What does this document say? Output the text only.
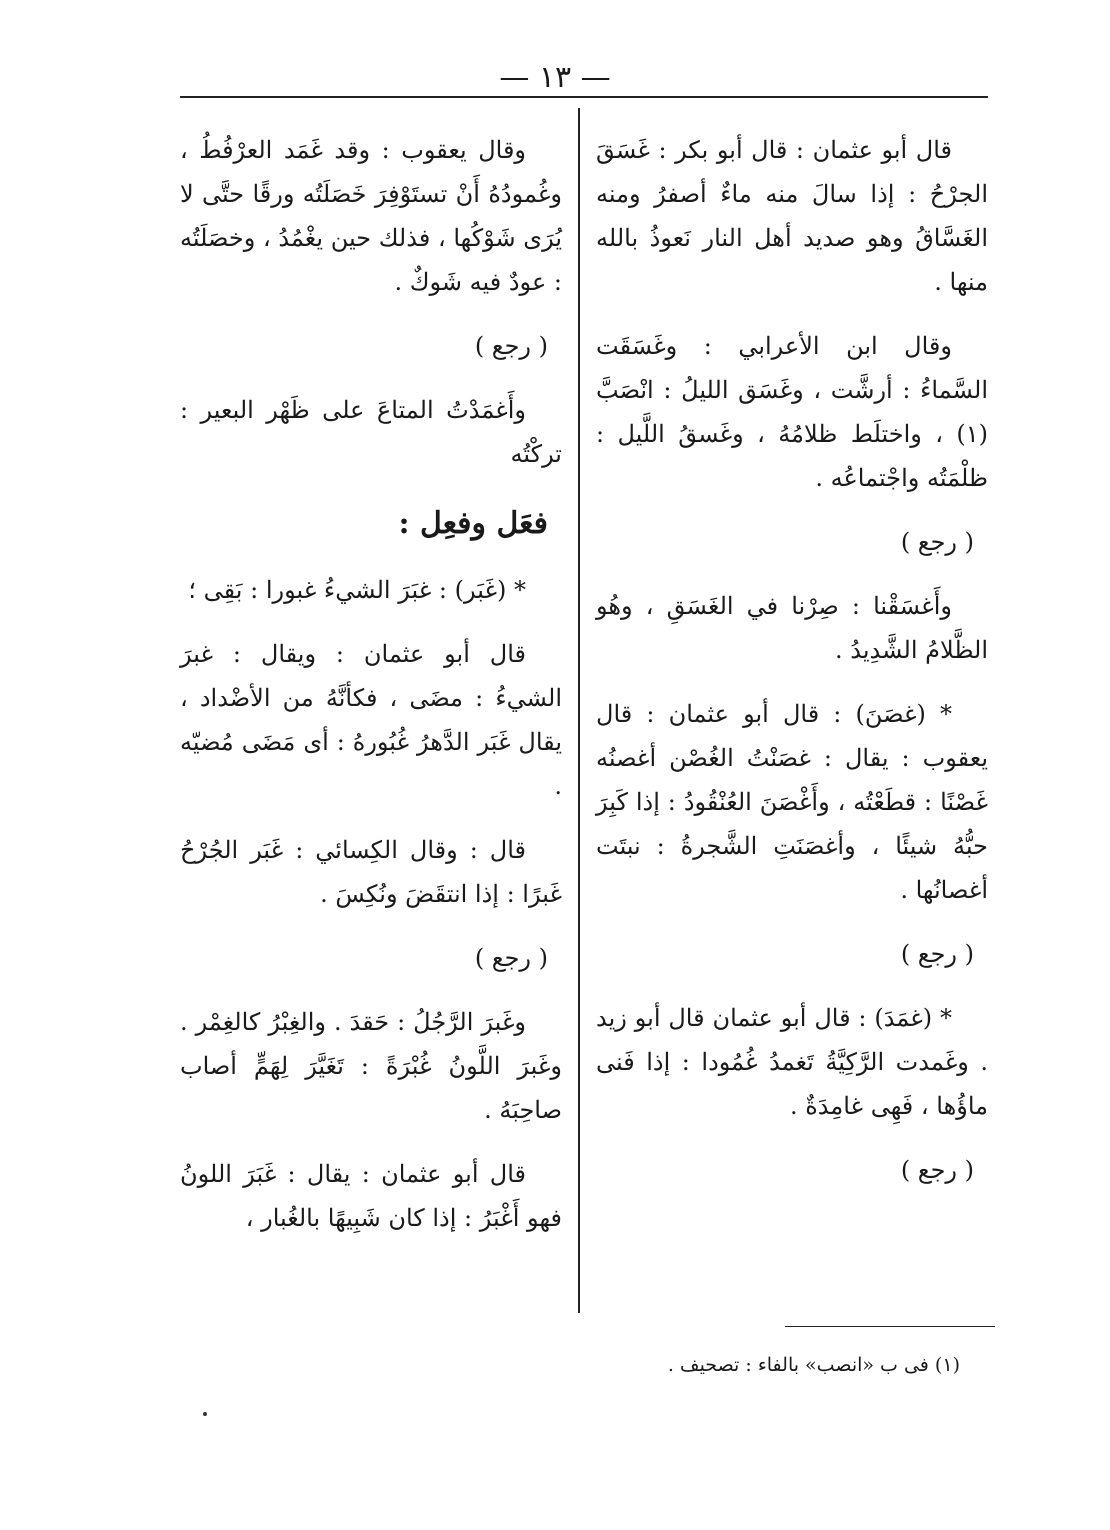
— ١٣ —
قال أبو عثمان : قال أبو بكر : غَسَقَ الجرْحُ : إذا سالَ منه ماءٌ أصفرُ ومنه الغَسَّاقُ وهو صديد أهل النار نَعوذُ بالله منها .
وقال ابن الأعرابي : وغَسَقَت السَّماءُ : أرشَّت ، وغَسَق الليلُ : انْصَبَّ (١) ، واختلَط ظلامُهُ ، وغَسقُ اللَّيل : ظلْمَتُه واجْتماعُه .
( رجع )
وأَغسَقْنا : صِرْنا في الغَسَقِ ، وهُو الظَّلامُ الشَّدِيدُ .
* (غصَنَ) : قال أبو عثمان : قال يعقوب : يقال : غصَنْتُ الغُصْن أغصنُه غَصْنًا : قطَعْتُه ، وأَغْصَنَ العُنْقُودُ : إذا كَبِرَ حبُّهُ شيئًا ، وأغصَنَتِ الشَّجرةُ : نبتَت أغصانُها .
( رجع )
* (غمَدَ) : قال أبو عثمان قال أبو زيد . وغَمدت الرَّكِيَّةُ تَغمدُ غُمُودا : إذا فَنى ماؤُها ، فَهِى غامِدَةٌ .
( رجع )
وقال يعقوب : وقد غَمَد العرْفُطُ ، وغُمودُهُ أَنْ تستَوْفِرَ خَصَلَتُه ورقًا حتَّى لا يُرَى شَوْكُها ، فذلك حين يغْمُدُ ، وخصَلَتُه : عودٌ فيه شَوكٌ .
( رجع )
وأَغمَدْتُ المتاعَ على ظَهْر البعير : تركْتُه
فعَل وفعِل :
* (غَبَر) : غبَرَ الشيءُ غبورا : بَقِى ؛
قال أبو عثمان : ويقال : غبرَ الشيءُ : مضَى ، فكأنَّهُ من الأضْداد ، يقال غَبَر الدَّهرُ غُبُورهُ : أى مَضَى مُضيّه .
قال : وقال الكِسائي : غَبَر الجُرْحُ غَبرًا : إذا انتقَضَ ونُكِسَ .
( رجع )
وغَبرَ الرَّجُلُ : حَقدَ . والغِبْرُ كالغِمْر . وغَبرَ اللَّونُ غُبْرَةً : تَغَيَّرَ لِهَمٍّ أصاب صاحِبَهُ .
قال أبو عثمان : يقال : غَبَرَ اللونُ فهو أَغْبَرُ : إذا كان شَبِيهًا بالغُبار ،
(١) فى ب «انصب» بالفاء : تصحيف .
